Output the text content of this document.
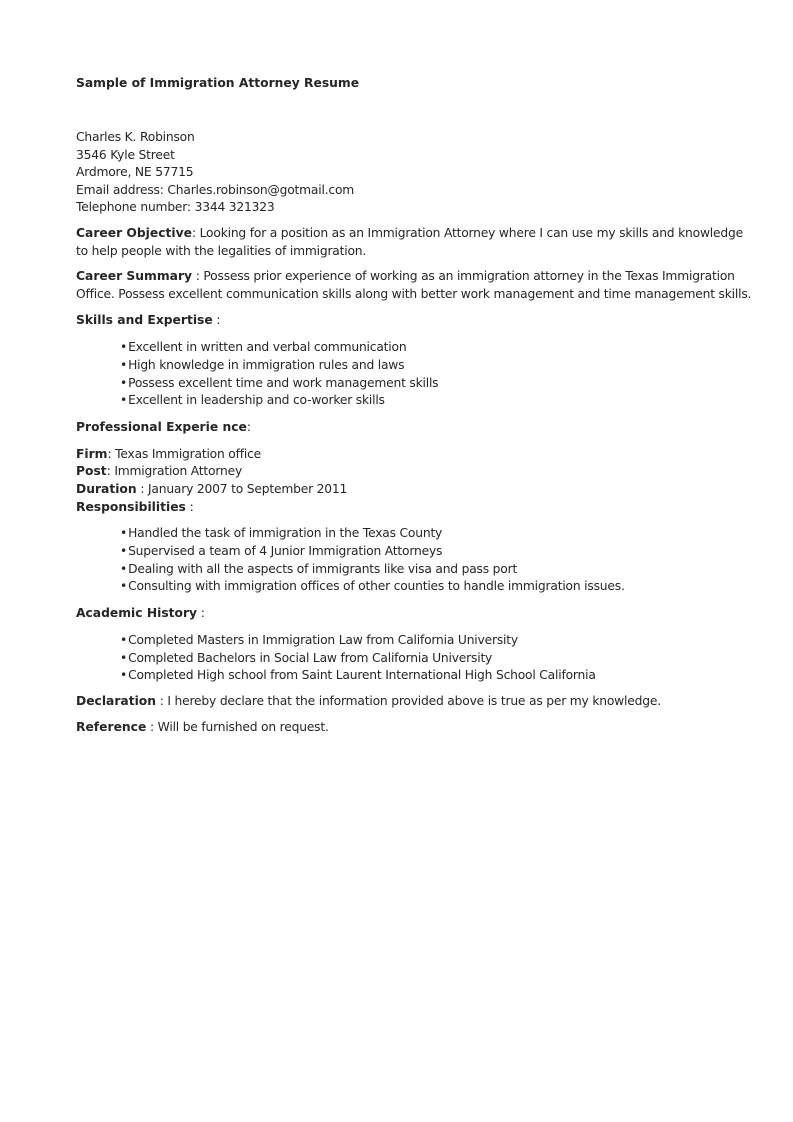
Sample of Immigration Attorney Resume
Charles K. Robinson
3546 Kyle Street
Ardmore, NE 57715
Email address: Charles.robinson@gotmail.com
Telephone number: 3344 321323
Career Objective: Looking for a position as an Immigration Attorney where I can use my skills and knowledge to help people with the legalities of immigration.
Career Summary : Possess prior experience of working as an immigration attorney in the Texas Immigration Office. Possess excellent communication skills along with better work management and time management skills.
Skills and Expertise :
• Excellent in written and verbal communication
• High knowledge in immigration rules and laws
• Possess excellent time and work management skills
• Excellent in leadership and co-worker skills
Professional Experie nce:
Firm: Texas Immigration office
Post: Immigration Attorney
Duration : January 2007 to September 2011
Responsibilities :
• Handled the task of immigration in the Texas County
• Supervised a team of 4 Junior Immigration Attorneys
• Dealing with all the aspects of immigrants like visa and pass port
• Consulting with immigration offices of other counties to handle immigration issues.
Academic History :
• Completed Masters in Immigration Law from California University
• Completed Bachelors in Social Law from California University
• Completed High school from Saint Laurent International High School California
Declaration : I hereby declare that the information provided above is true as per my knowledge.
Reference : Will be furnished on request.
